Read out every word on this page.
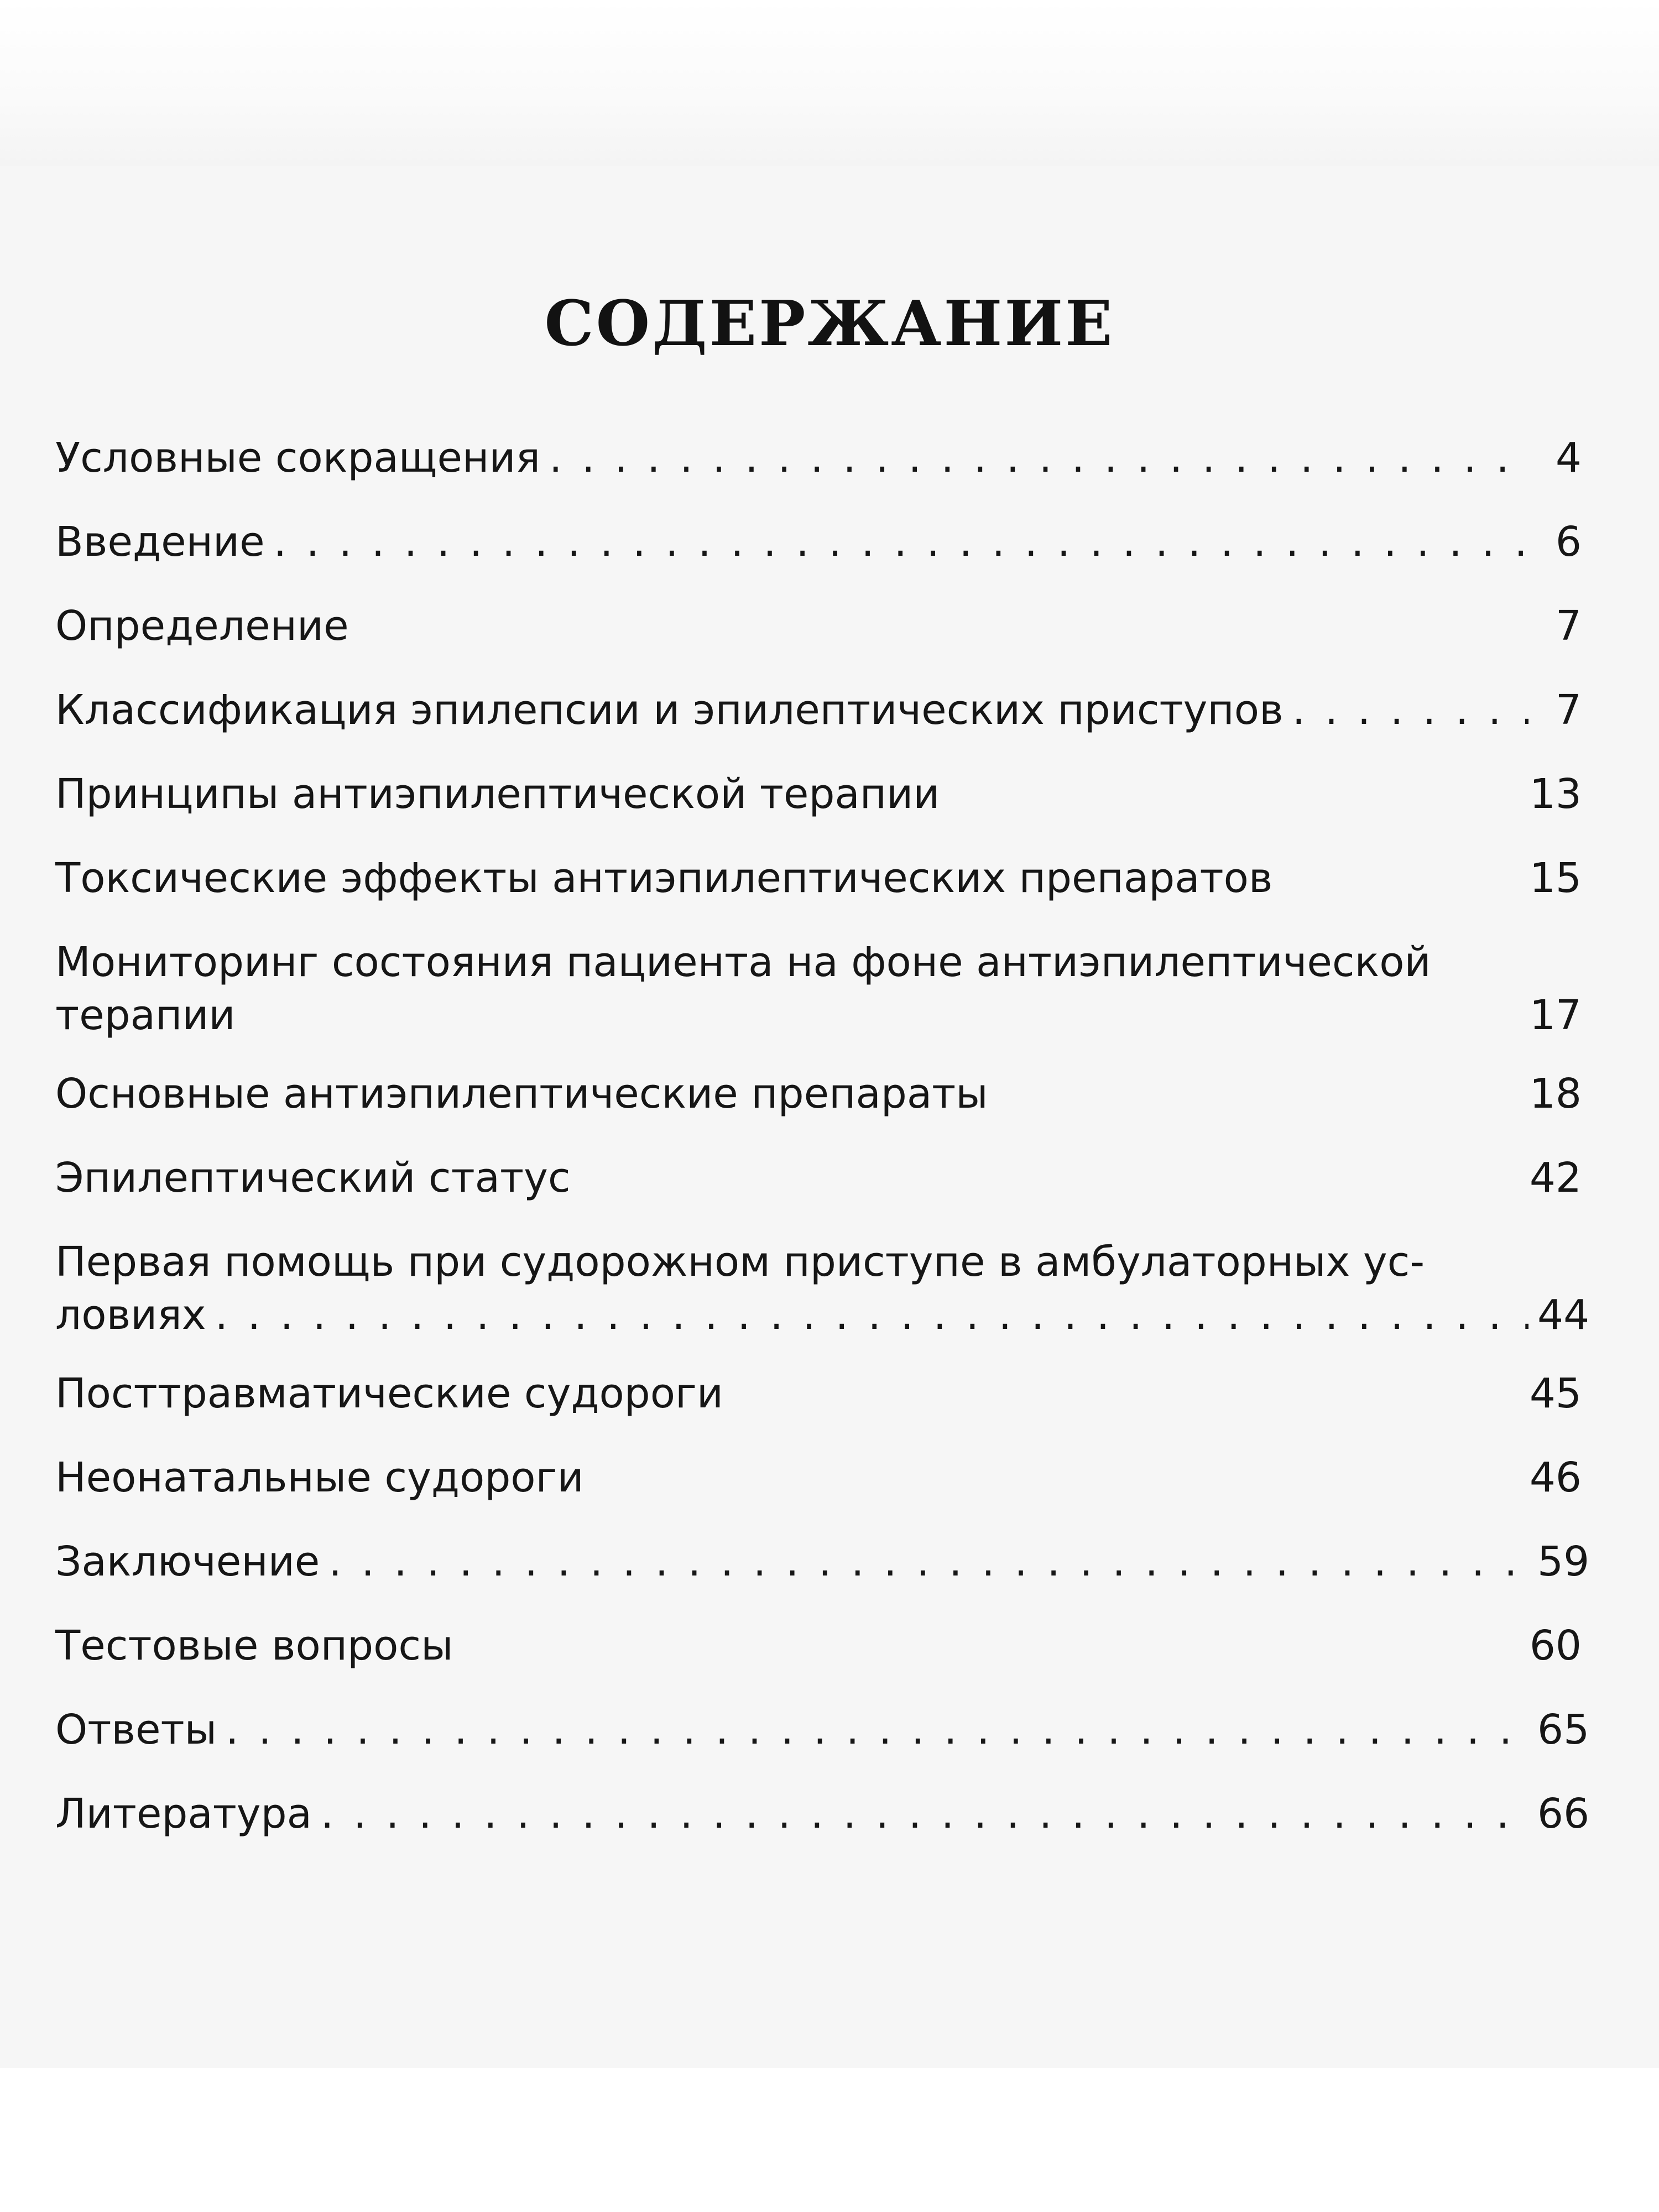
СОДЕРЖАНИЕ
Условные сокращения . . .	4
Введение . . .	6
Определение	7
Классификация эпилепсии и эпилептических приступов . . .	7
Принципы антиэпилептической терапии	13
Токсические эффекты антиэпилептических препаратов	15
Мониторинг состояния пациента на фоне антиэпилептической
терапии	17
Основные антиэпилептические препараты	18
Эпилептический статус	42
Первая помощь при судорожном приступе в амбулаторных ус-
ловиях . . .	44
Посттравматические судороги	45
Неонатальные судороги	46
Заключение . . .	59
Тестовые вопросы	60
Ответы . . .	65
Литература . . .	66
